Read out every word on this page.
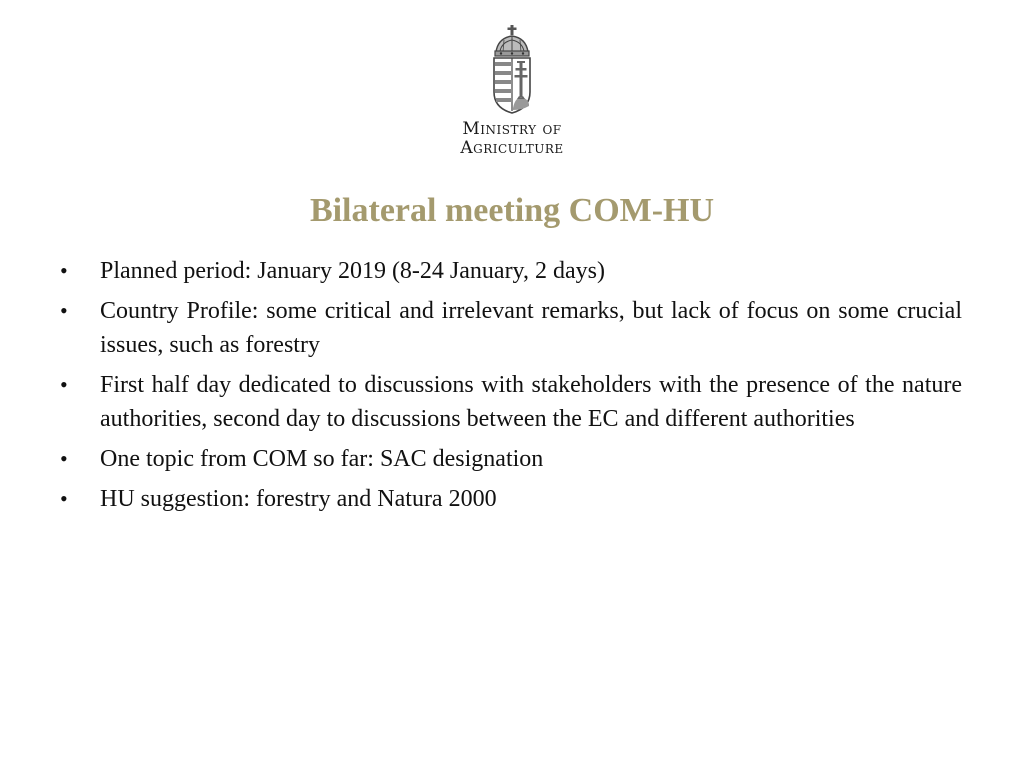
Ministry of
Agriculture
Bilateral meeting COM-HU
• Planned period: January 2019 (8-24 January, 2 days)
• Country Profile: some critical and irrelevant remarks, but lack of focus on some crucial issues, such as forestry
• First half day dedicated to discussions with stakeholders with the presence of the nature authorities, second day to discussions between the EC and different authorities
• One topic from COM so far: SAC designation
• HU suggestion: forestry and Natura 2000
